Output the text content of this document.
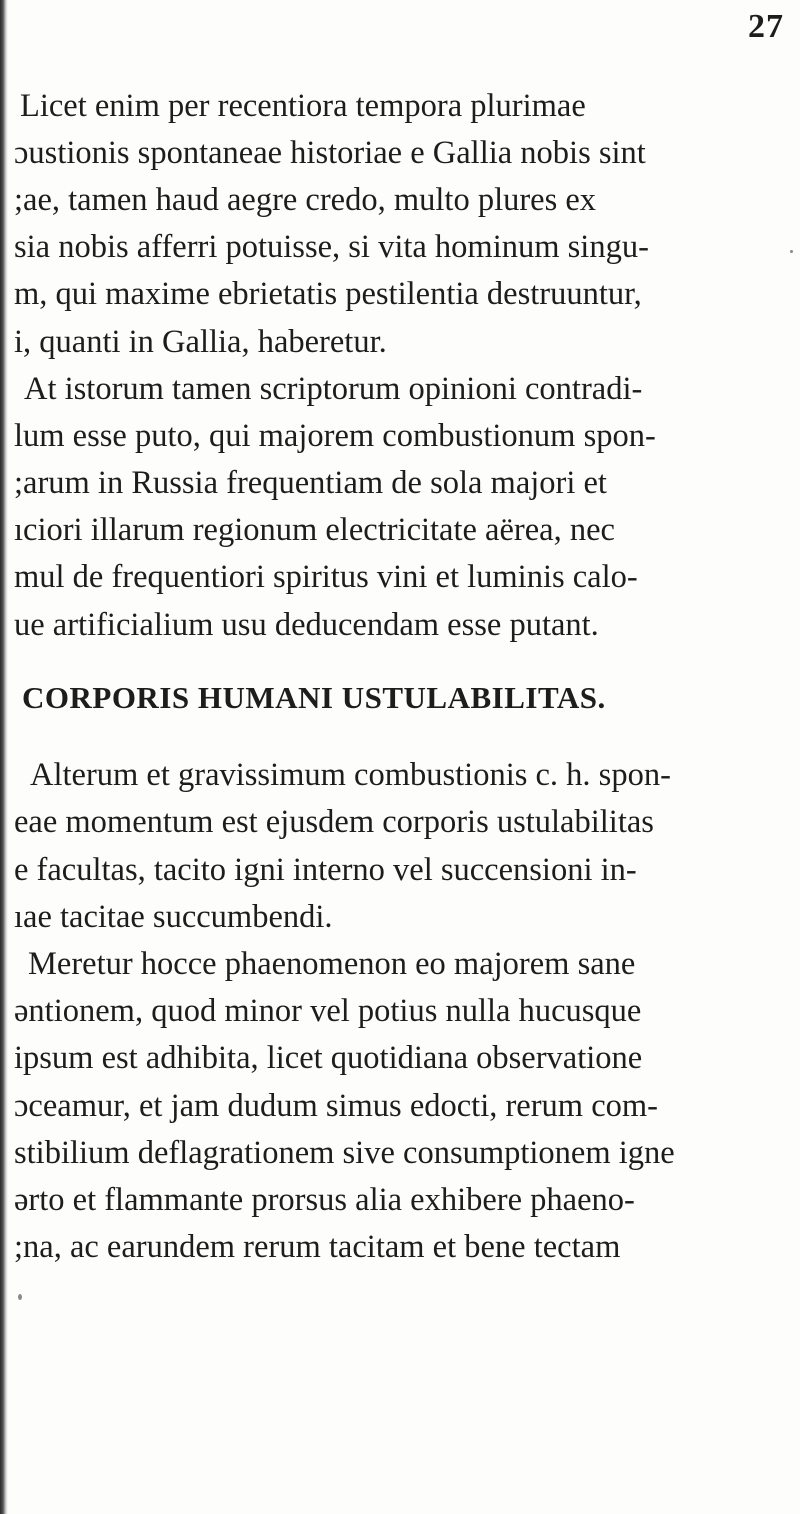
27
Licet enim per recentiora tempora plurimae
ɔustionis spontaneae historiae e Gallia nobis sint
;ae, tamen haud aegre credo, multo plures ex
sia nobis afferri potuisse, si vita hominum singu-
m, qui maxime ebrietatis pestilentia destruuntur,
i, quanti in Gallia, haberetur.
At istorum tamen scriptorum opinioni contradi-
lum esse puto, qui majorem combustionum spon-
;arum in Russia frequentiam de sola majori et
ıciori illarum regionum electricitate aërea, nec
mul de frequentiori spiritus vini et luminis calo-
ue artificialium usu deducendam esse putant.
CORPORIS HUMANI USTULABILITAS.
Alterum et gravissimum combustionis c. h. spon-
eae momentum est ejusdem corporis ustulabilitas
e facultas, tacito igni interno vel succensioni in-
ıae tacitae succumbendi.
Meretur hocce phaenomenon eo majorem sane
əntionem, quod minor vel potius nulla hucusque
ipsum est adhibita, licet quotidiana observatione
ɔceamur, et jam dudum simus edocti, rerum com-
stibilium deflagrationem sive consumptionem igne
ərto et flammante prorsus alia exhibere phaeno-
;na, ac earundem rerum tacitam et bene tectam
